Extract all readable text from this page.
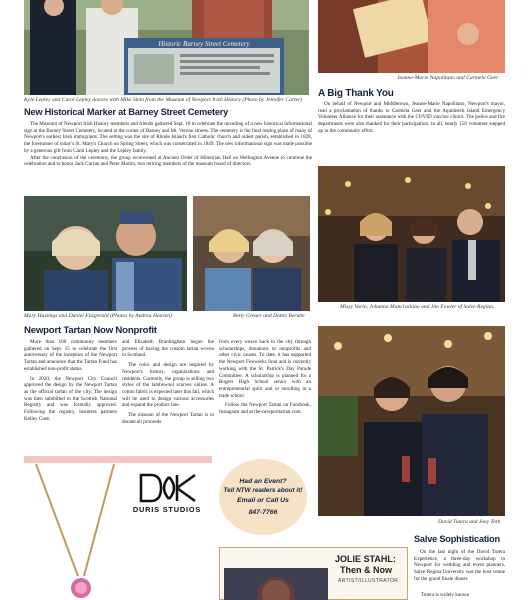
Historic Barney Street Cemetery
Kyle Lepley and Carol Lepley donors with Mike Slein from the Museum of Newport Irish History (Photo by Jennifer Carter)
Jeanne-Marie Napolitano and Carmela Geer
New Historical Marker at Barney Street Cemetery

The Museum of Newport Irish History members and friends gathered Sept. 18 to celebrate the unveiling of a new historical informational sign at the Barney Street Cemetery, located at the corner of Barney and Mt. Vernon streets. The cemetery is the final resting place of many of Newport's earliest Irish immigrants. The setting was the site of Rhode Island's first Catholic church and oldest parish, established in 1828, the forerunner of today's St. Mary's Church on Spring Street, which was consecrated in 1849. The new informational sign was made possible by a generous gift from Carol Lepley and the Lepley family.

After the conclusion of the ceremony, the group reconvened at Ancient Order of Hibernian Hall on Wellington Avenue to continue the celebration and to honor Jack Curran and Peter Martin, two retiring members of the museum board of directors.

A Big Thank You
On behalf of Newport and Middletown, Jeanne-Marie Napolitano, Newport's mayor, read a proclamation of thanks to Carmela Geer and the Aquidneck Island Emergency Volunteer Alliance for their assistance with the COVID vaccine clinics. The police and fire departments were also thanked for their participation. In all, nearly 150 volunteer stepped up in the community effort.
Mary Hastings and Daniel Fitzgerald (Photos by Andrea Hansen)	Betty Greuer and Dottie Berube
Missy Vario, Johanna Mancivalano and Jim Fowler of Salve Regina.
Newport Tartan Now Nonprofit

More than 100 community members gathered on Sept. 15 to celebrate the first anniversary of the inception of the Newport Tartan and announce that the Tartan Fund has established non-profit status.

In 2020, the Newport City Council approved the design by the Newport Tartan as the official tartan of the city. The design was then submitted to the Scottish National Registry and was formally approved. Following the registry, business partners Kelley Coen

and Elizabeth Brantingham began the process of having the custom tartan woven in Scotland.

The color and design are inspired by Newport's history, organizations and residents. Currently, the group is selling two styles of the lambswool scarves online. A cotton fabric is expected later this fall, which will be used to design various accessories and expand the product line.

The mission of the Newport Tartan is to donate all proceeds

from every weave back to the city through scholarships, donations to nonprofits and other civic causes. To date, it has supported the Newport Fireworks fund and is currently working with the St. Patrick's Day Parade Committee. A scholarship is planned for a Rogers High School senior with an entrepreneurial spirit and or enrolling in a trade school.

Follow the Newport Tartan on Facebook, Instagram and at the-newporttartan.com.

David Tutera and Joey Toth
Salve Sophistication
On the last night of the David Tutera Experience, a three-day workshop in Newport for wedding and event planners, Salve Regina University was the host venue for the grand finale dinner.
Tutera is widely known
DURIS STUDIOS
Had an Event?
Tell NTW readers about it!
Email or Call Us
847-7766
JOLIE STAHL:
Then & Now
ARTIST/ILLUSTRATOR
